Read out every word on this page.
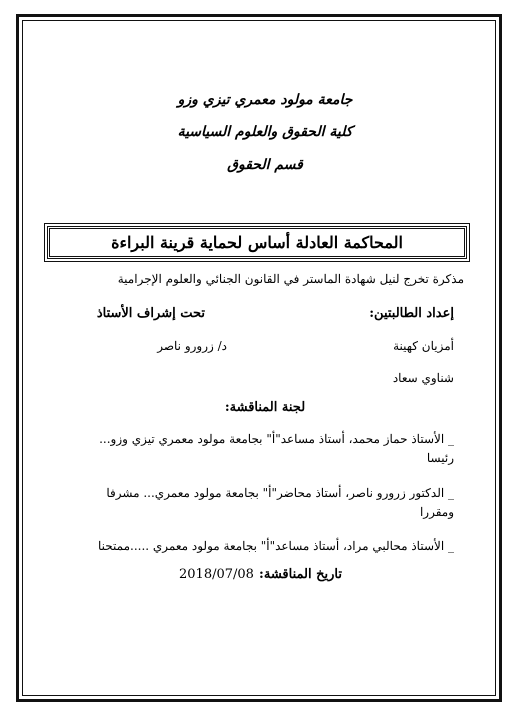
جامعة مولود معمري تيزي وزو
كلية الحقوق والعلوم السياسية
قسم الحقوق
المحاكمة العادلة أساس لحماية قرينة البراءة
مذكرة تخرج لنيل شهادة الماستر في القانون الجنائي والعلوم الإجرامية
إعداد الطالبتين:
تحت إشراف الأستاذ
أمزيان كهينة
د/ زرورو ناصر
شناوي سعاد
لجنة المناقشة:
_ الأستاذ حماز محمد، أستاذ مساعد"أ" بجامعة مولود معمري تيزي وزو... رئيسا
_ الدكتور زرورو ناصر، أستاذ محاضر"أ" بجامعة مولود معمري... مشرفا ومقررا
_ الأستاذ محالبي مراد، أستاذ مساعد"أ" بجامعة مولود معمري .....ممتحنا
تاريخ المناقشة: 2018/07/08
